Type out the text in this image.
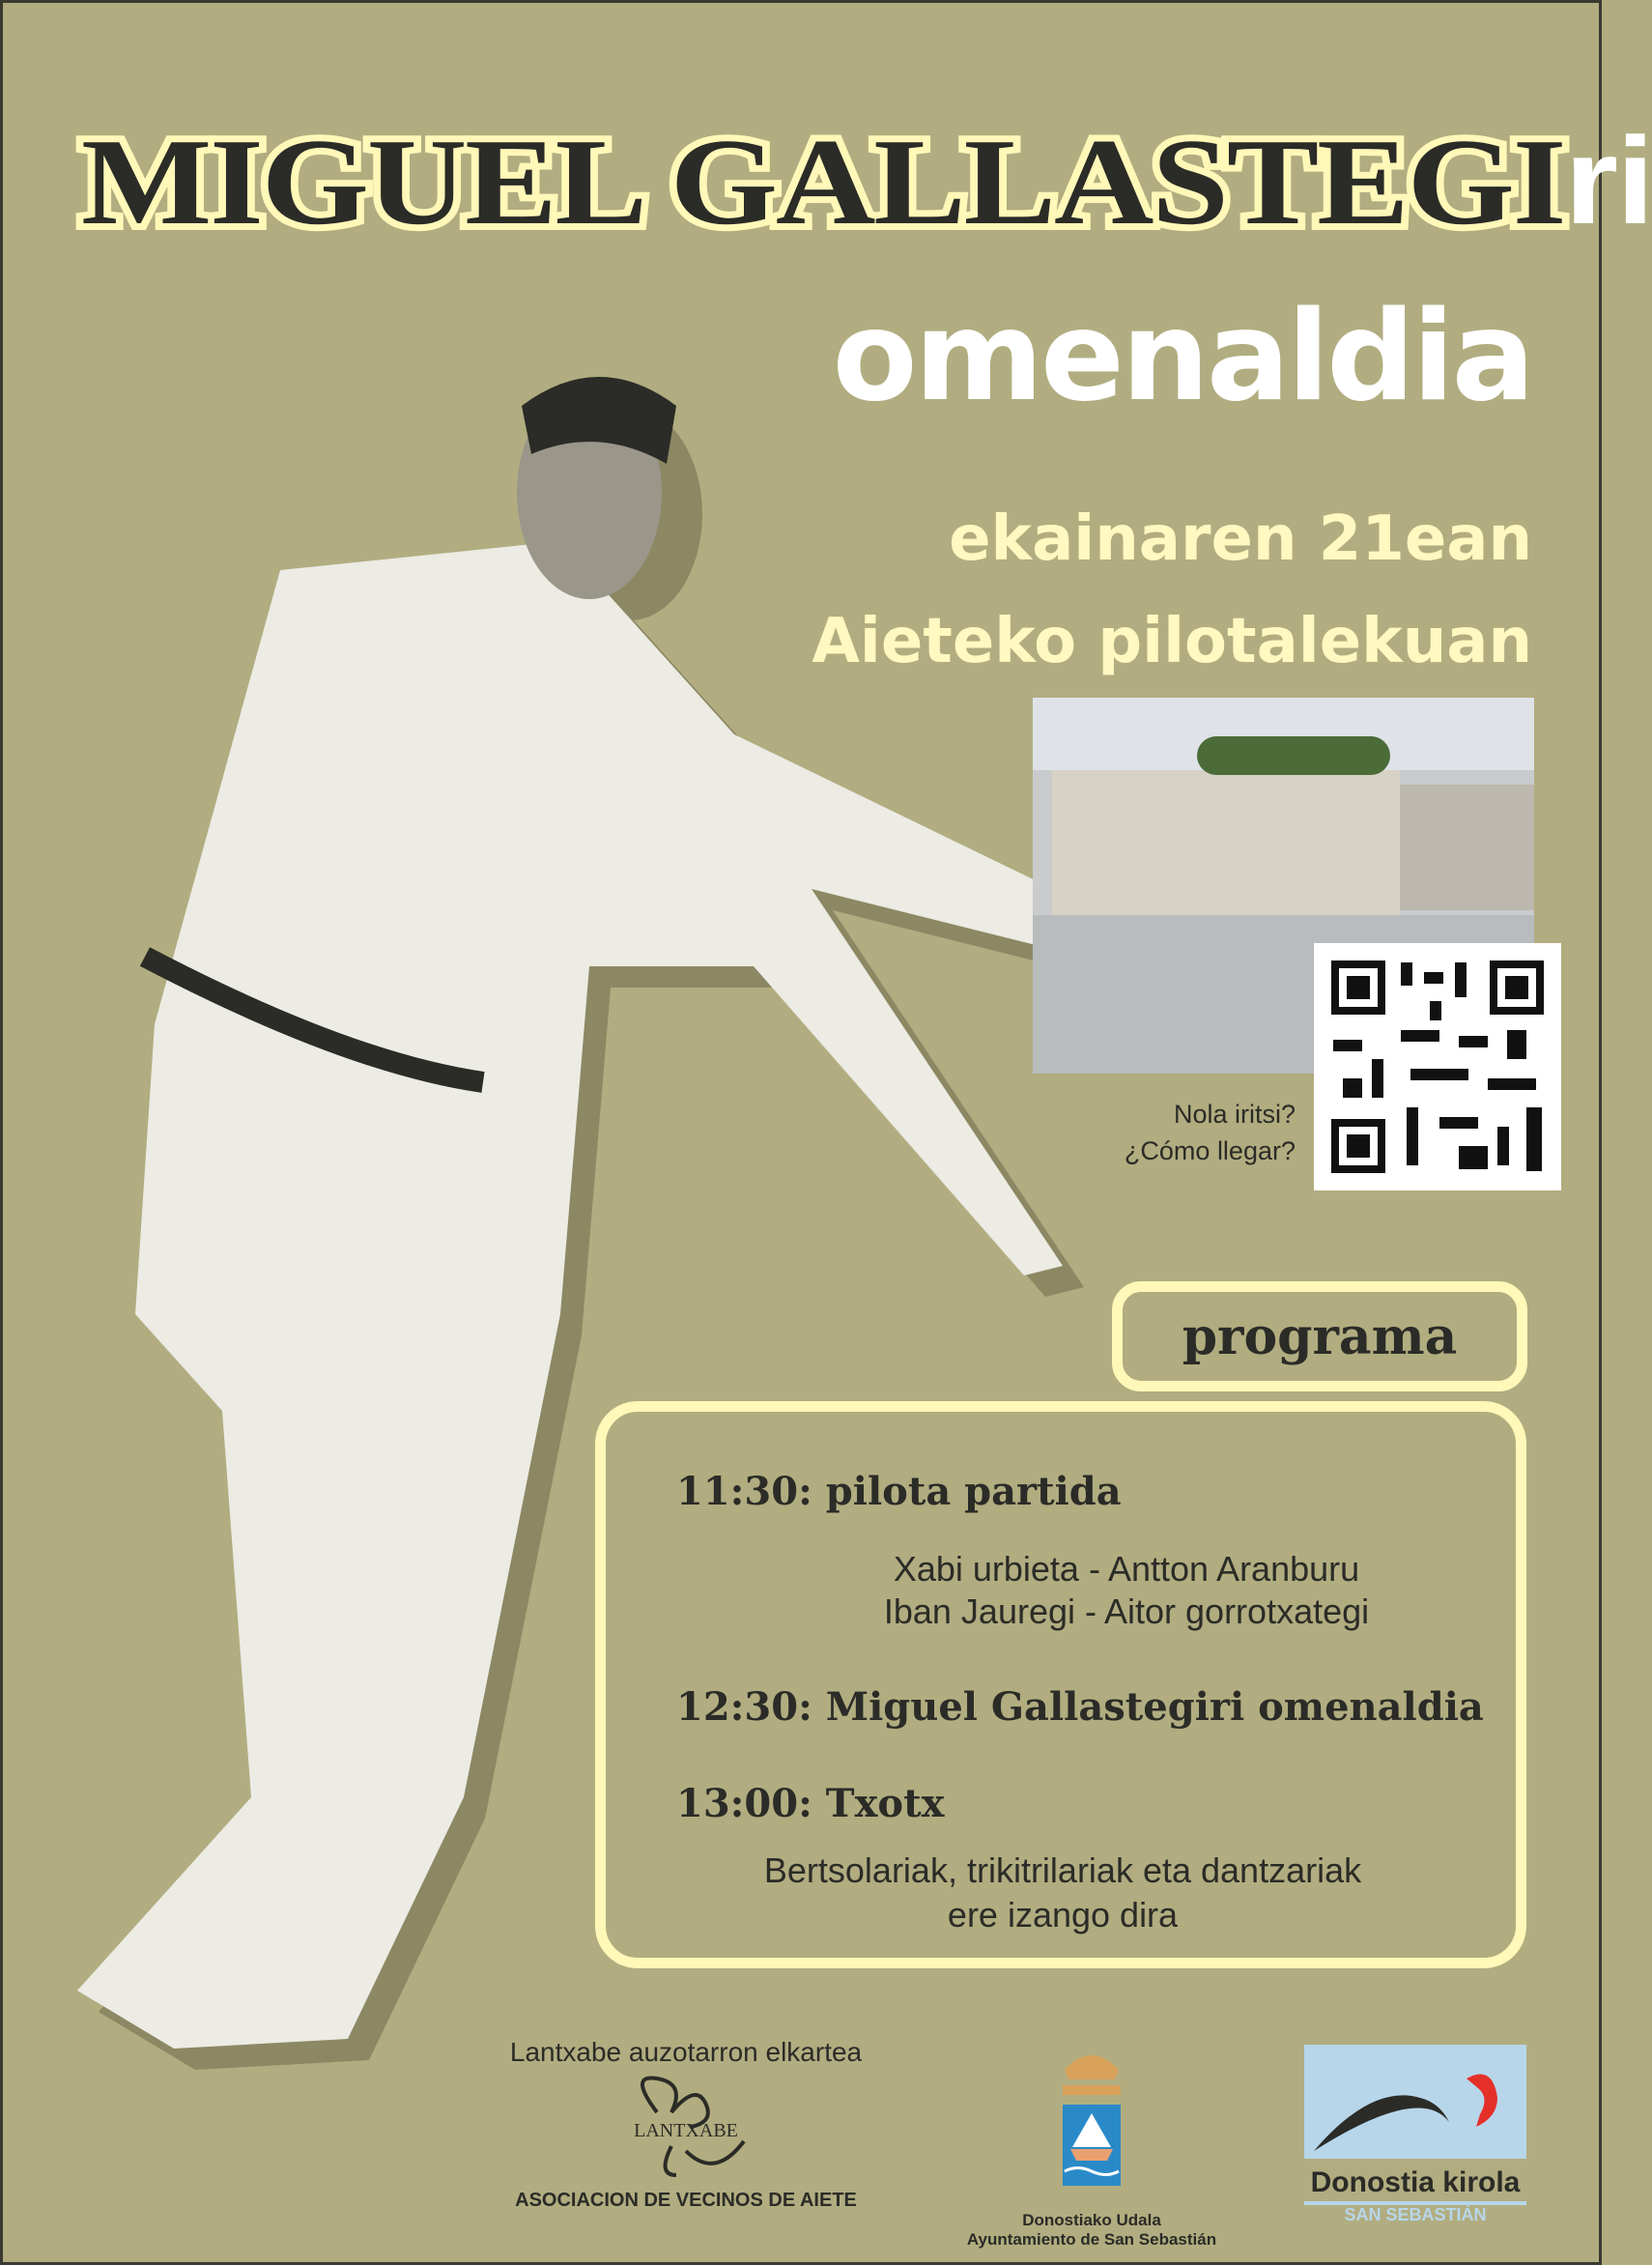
MIGUEL GALLASTEGIri
omenaldia
ekainaren 21ean
Aieteko pilotalekuan
Nola iritsi?
¿Cómo llegar?
programa
11:30: pilota partida
Xabi urbieta - Antton Aranburu
Iban Jauregi - Aitor gorrotxategi
12:30: Miguel Gallastegiri omenaldia
13:00: Txotx
Bertsolariak, trikitrilariak eta dantzariak
ere izango dira
Lantxabe auzotarron elkartea
LANTXABE
ASOCIACION DE VECINOS DE AIETE
Donostiako Udala
Ayuntamiento de San Sebastián
Donostia kirola
SAN SEBASTIÁN
